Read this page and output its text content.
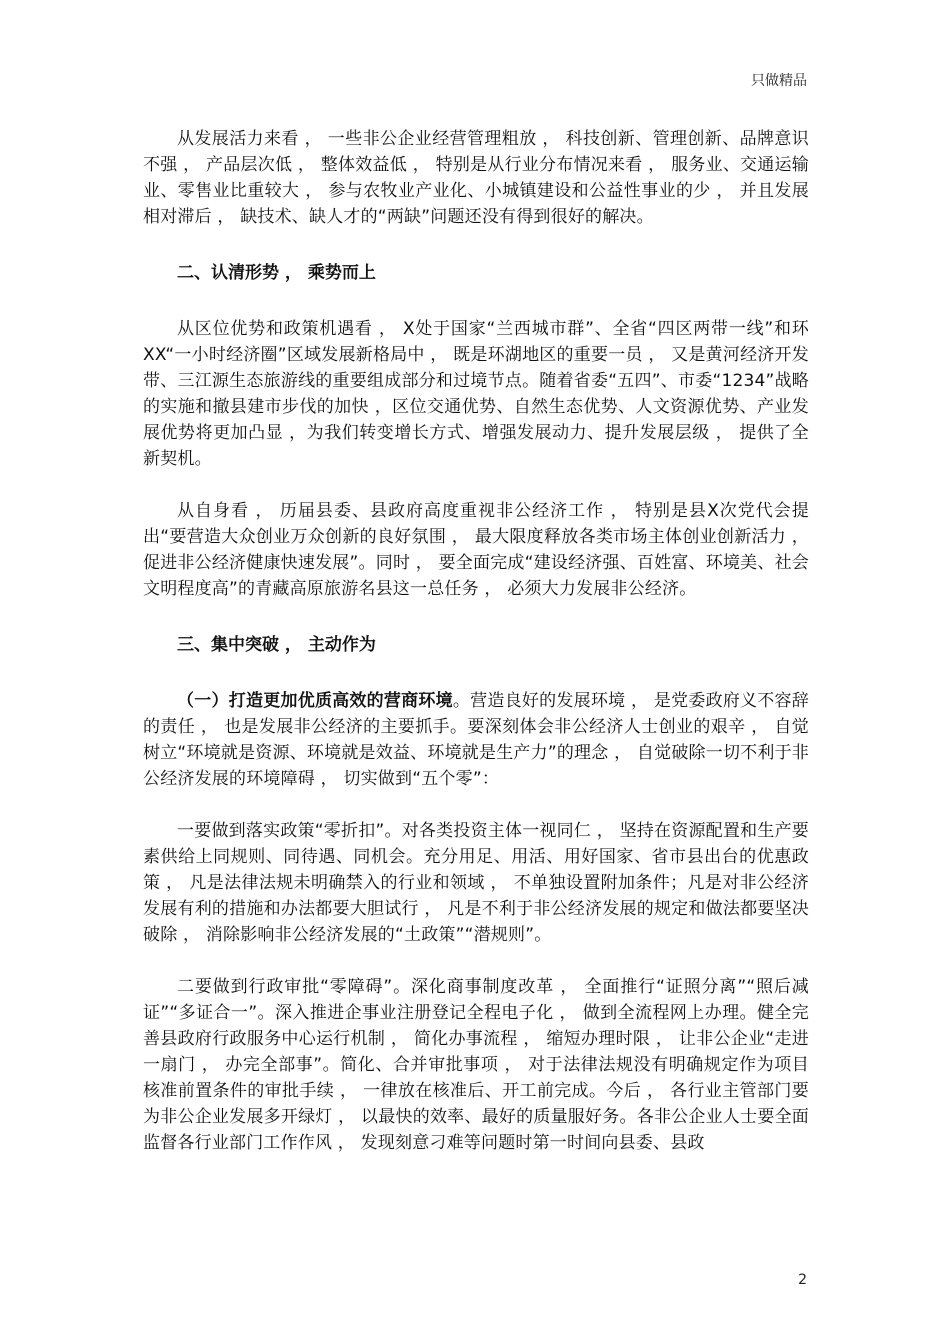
只做精品

从发展活力来看 ， 一些非公企业经营管理粗放 ， 科技创新、管理创新、品牌意识不强 ， 产品层次低 ， 整体效益低 ， 特别是从行业分布情况来看 ， 服务业、交通运输业、零售业比重较大 ， 参与农牧业产业化、小城镇建设和公益性事业的少 ， 并且发展相对滞后 ， 缺技术、缺人才的“两缺”问题还没有得到很好的解决。

二、认清形势 ， 乘势而上

从区位优势和政策机遇看 ， X处于国家“兰西城市群”、全省“四区两带一线”和环XX“一小时经济圈”区域发展新格局中 ， 既是环湖地区的重要一员 ， 又是黄河经济开发带、三江源生态旅游线的重要组成部分和过境节点。随着省委“五四”、市委“1234”战略的实施和撤县建市步伐的加快 ，区位交通优势、自然生态优势、人文资源优势、产业发展优势将更加凸显 ，为我们转变增长方式、增强发展动力、提升发展层级 ， 提供了全新契机。

从自身看 ， 历届县委、县政府高度重视非公经济工作 ， 特别是县X次党代会提出“要营造大众创业万众创新的良好氛围 ， 最大限度释放各类市场主体创业创新活力 ， 促进非公经济健康快速发展”。同时 ， 要全面完成“建设经济强、百姓富、环境美、社会文明程度高”的青藏高原旅游名县这一总任务 ， 必须大力发展非公经济。

三、集中突破 ， 主动作为

（一）打造更加优质高效的营商环境。营造良好的发展环境 ， 是党委政府义不容辞的责任 ， 也是发展非公经济的主要抓手。要深刻体会非公经济人士创业的艰辛 ， 自觉树立“环境就是资源、环境就是效益、环境就是生产力”的理念 ， 自觉破除一切不利于非公经济发展的环境障碍 ， 切实做到“五个零”：

一要做到落实政策“零折扣”。对各类投资主体一视同仁 ， 坚持在资源配置和生产要素供给上同规则、同待遇、同机会。充分用足、用活、用好国家、省市县出台的优惠政策 ， 凡是法律法规未明确禁入的行业和领域 ， 不单独设置附加条件；凡是对非公经济发展有利的措施和办法都要大胆试行 ， 凡是不利于非公经济发展的规定和做法都要坚决破除 ， 消除影响非公经济发展的“土政策”“潜规则”。

二要做到行政审批“零障碍”。深化商事制度改革 ， 全面推行“证照分离”“照后减证”“多证合一”。深入推进企事业注册登记全程电子化 ， 做到全流程网上办理。健全完善县政府行政服务中心运行机制 ， 简化办事流程 ， 缩短办理时限 ， 让非公企业“走进一扇门 ， 办完全部事”。简化、合并审批事项 ， 对于法律法规没有明确规定作为项目核准前置条件的审批手续 ， 一律放在核准后、开工前完成。今后 ， 各行业主管部门要为非公企业发展多开绿灯 ， 以最快的效率、最好的质量服好务。各非公企业人士要全面监督各行业部门工作作风 ， 发现刻意刁难等问题时第一时间向县委、县政

2
